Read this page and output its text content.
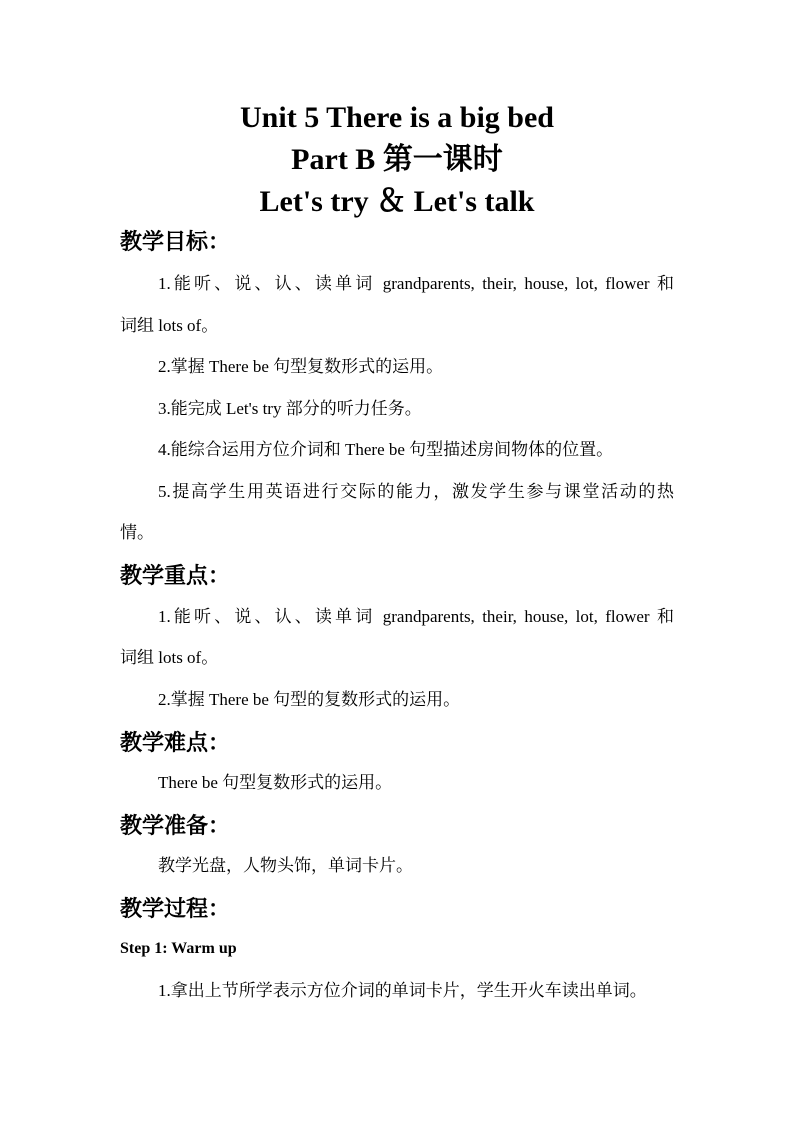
Unit 5 There is a big bed
Part B 第一课时
Let's try ＆ Let's talk
教学目标：
1.能听、说、认、读单词 grandparents, their, house, lot, flower 和
词组 lots of。
2.掌握 There be 句型复数形式的运用。
3.能完成 Let's try 部分的听力任务。
4.能综合运用方位介词和 There be 句型描述房间物体的位置。
5.提高学生用英语进行交际的能力，激发学生参与课堂活动的热
情。
教学重点：
1.能听、说、认、读单词 grandparents, their, house, lot, flower 和
词组 lots of。
2.掌握 There be 句型的复数形式的运用。
教学难点：
There be 句型复数形式的运用。
教学准备：
教学光盘，人物头饰，单词卡片。
教学过程：
Step 1: Warm up
1.拿出上节所学表示方位介词的单词卡片，学生开火车读出单词。
